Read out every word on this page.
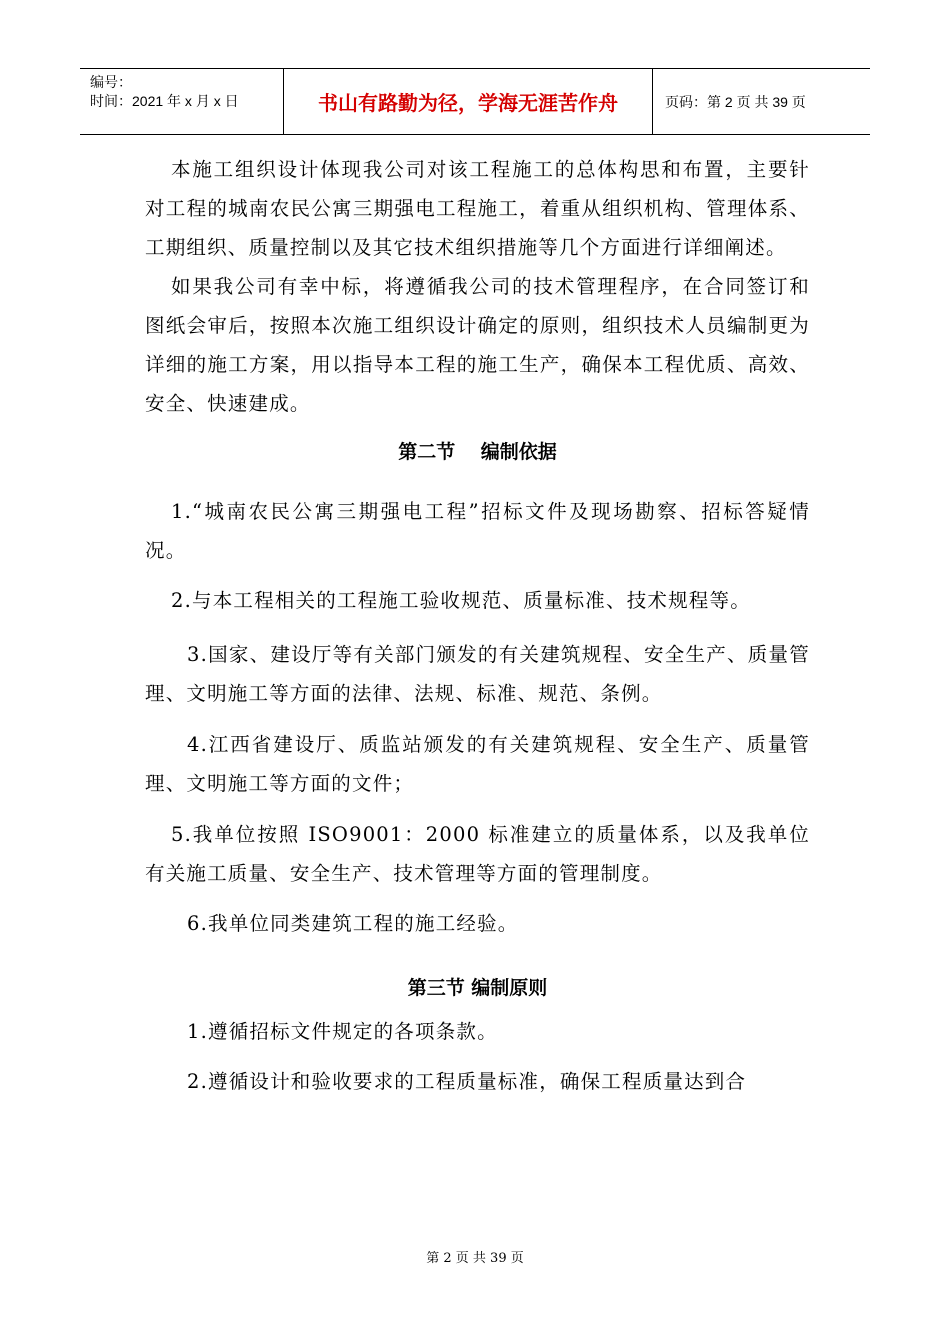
编号：
时间：2021 年 x 月 x 日	书山有路勤为径，学海无涯苦作舟	页码：第 2 页 共 39 页

本施工组织设计体现我公司对该工程施工的总体构思和布置，主要针对工程的城南农民公寓三期强电工程施工，着重从组织机构、管理体系、工期组织、质量控制以及其它技术组织措施等几个方面进行详细阐述。

如果我公司有幸中标，将遵循我公司的技术管理程序，在合同签订和图纸会审后，按照本次施工组织设计确定的原则，组织技术人员编制更为详细的施工方案，用以指导本工程的施工生产，确保本工程优质、高效、安全、快速建成。

第二节　 编制依据

1.“城南农民公寓三期强电工程”招标文件及现场勘察、招标答疑情况。

2.与本工程相关的工程施工验收规范、质量标准、技术规程等。

3.国家、建设厅等有关部门颁发的有关建筑规程、安全生产、质量管理、文明施工等方面的法律、法规、标准、规范、条例。

4.江西省建设厅、质监站颁发的有关建筑规程、安全生产、质量管理、文明施工等方面的文件；

5.我单位按照 ISO9001：2000 标准建立的质量体系，以及我单位有关施工质量、安全生产、技术管理等方面的管理制度。

6.我单位同类建筑工程的施工经验。

第三节 编制原则

1.遵循招标文件规定的各项条款。

2.遵循设计和验收要求的工程质量标准，确保工程质量达到合

第 2 页 共 39 页
